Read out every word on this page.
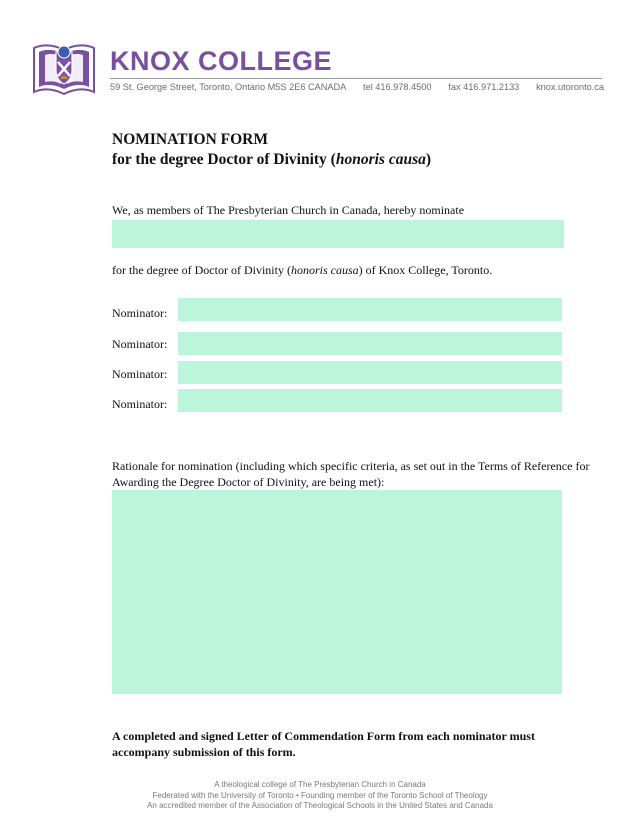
KNOX COLLEGE
59 St. George Street, Toronto, Ontario M5S 2E6 CANADA tel 416.978.4500 fax 416.971.2133 knox.utoronto.ca
NOMINATION FORM
for the degree Doctor of Divinity (honoris causa)
We, as members of The Presbyterian Church in Canada, hereby nominate
for the degree of Doctor of Divinity (honoris causa) of Knox College, Toronto.
Nominator:
Nominator:
Nominator:
Nominator:
Rationale for nomination (including which specific criteria, as set out in the Terms of Reference for Awarding the Degree Doctor of Divinity, are being met):
A completed and signed Letter of Commendation Form from each nominator must accompany submission of this form.
A theological college of The Presbyterian Church in Canada
Federated with the University of Toronto • Founding member of the Toronto School of Theology
An accredited member of the Association of Theological Schools in the United States and Canada
